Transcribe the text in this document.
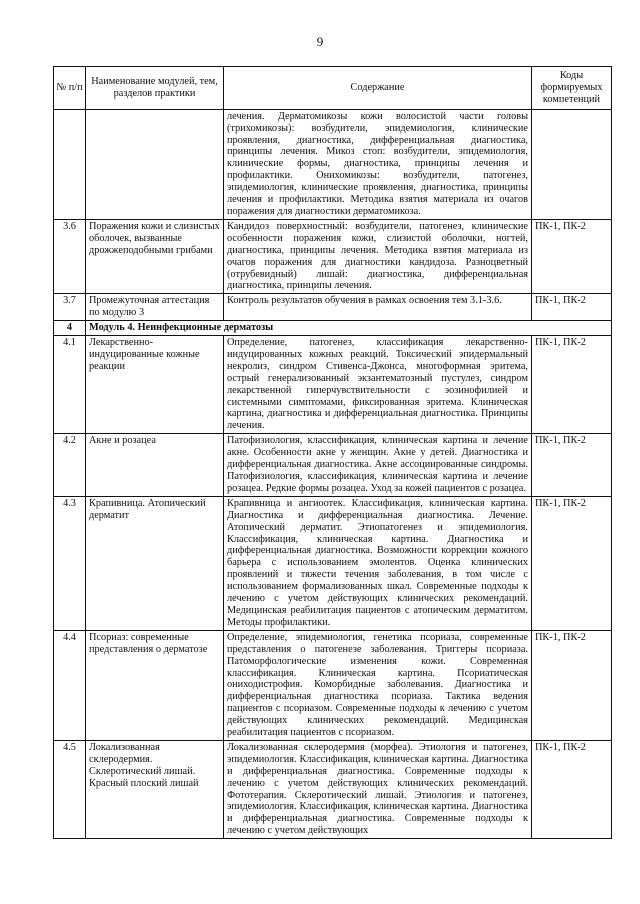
9
№ п/п	Наименование модулей, тем, разделов практики	Содержание	Коды формируемых компетенций
		лечения. Дерматомикозы кожи волосистой части головы (трихомикозы): возбудители, эпидемиология, клинические проявления, диагностика, дифференциальная диагностика, принципы лечения. Микоз стоп: возбудители, эпидемиология, клинические формы, диагностика, принципы лечения и профилактики. Онихомикозы: возбудители, патогенез, эпидемиология, клинические проявления, диагностика, принципы лечения и профилактики. Методика взятия материала из очагов поражения для диагностики дерматомикоза.	
3.6	Поражения кожи и слизистых оболочек, вызванные дрожжеподобными грибами	Кандидоз поверхностный: возбудители, патогенез, клинические особенности поражения кожи, слизистой оболочки, ногтей, диагностика, принципы лечения. Методика взятия материала из очагов поражения для диагностики кандидоза. Разноцветный (отрубевидный) лишай: диагностика, дифференциальная диагностика, принципы лечения.	ПК-1, ПК-2
3.7	Промежуточная аттестация по модулю 3	Контроль результатов обучения в рамках освоения тем 3.1-3.6.	ПК-1, ПК-2
4	Модуль 4. Неинфекционные дерматозы		
4.1	Лекарственно-индуцированные кожные реакции	Определение, патогенез, классификация лекарственно-индуцированных кожных реакций. Токсический эпидермальный некролиз, синдром Стивенса-Джонса, многоформная эритема, острый генерализованный экзантематозный пустулез, синдром лекарственной гиперчувствительности с эозинофилией и системными симптомами, фиксированная эритема. Клиническая картина, диагностика и дифференциальная диагностика. Принципы лечения.	ПК-1, ПК-2
4.2	Акне и розацеа	Патофизиология, классификация, клиническая картина и лечение акне. Особенности акне у женщин. Акне у детей. Диагностика и дифференциальная диагностика. Акне ассоциированные синдромы. Патофизиология, классификация, клиническая картина и лечение розацеа. Редкие формы розацеа. Уход за кожей пациентов с розацеа.	ПК-1, ПК-2
4.3	Крапивница. Атопический дерматит	Крапивница и ангиоотек. Классификация, клиническая картина. Диагностика и дифференциальная диагностика. Лечение. Атопический дерматит. Этиопатогенез и эпидемиология. Классификация, клиническая картина. Диагностика и дифференциальная диагностика. Возможности коррекции кожного барьера с использованием эмолентов. Оценка клинических проявлений и тяжести течения заболевания, в том числе с использованием формализованных шкал. Современные подходы к лечению с учетом действующих клинических рекомендаций. Медицинская реабилитация пациентов с атопическим дерматитом. Методы профилактики.	ПК-1, ПК-2
4.4	Псориаз: современные представления о дерматозе	Определение, эпидемиология, генетика псориаза, современные представления о патогенезе заболевания. Триггеры псориаза. Патоморфологические изменения кожи. Современная классификация. Клиническая картина. Псориатическая ониходистрофия. Коморбидные заболевания. Диагностика и дифференциальная диагностика псориаза. Тактика ведения пациентов с псориазом. Современные подходы к лечению с учетом действующих клинических рекомендаций. Медицинская реабилитация пациентов с псориазом.	ПК-1, ПК-2
4.5	Локализованная склеродермия. Склеротический лишай. Красный плоский лишай	Локализованная склеродермия (морфеа). Этиология и патогенез, эпидемиология. Классификация, клиническая картина. Диагностика и дифференциальная диагностика. Современные подходы к лечению с учетом действующих клинических рекомендаций. Фототерапия. Склеротический лишай. Этиология и патогенез, эпидемиология. Классификация, клиническая картина. Диагностика и дифференциальная диагностика. Современные подходы к лечению с учетом действующих	ПК-1, ПК-2
